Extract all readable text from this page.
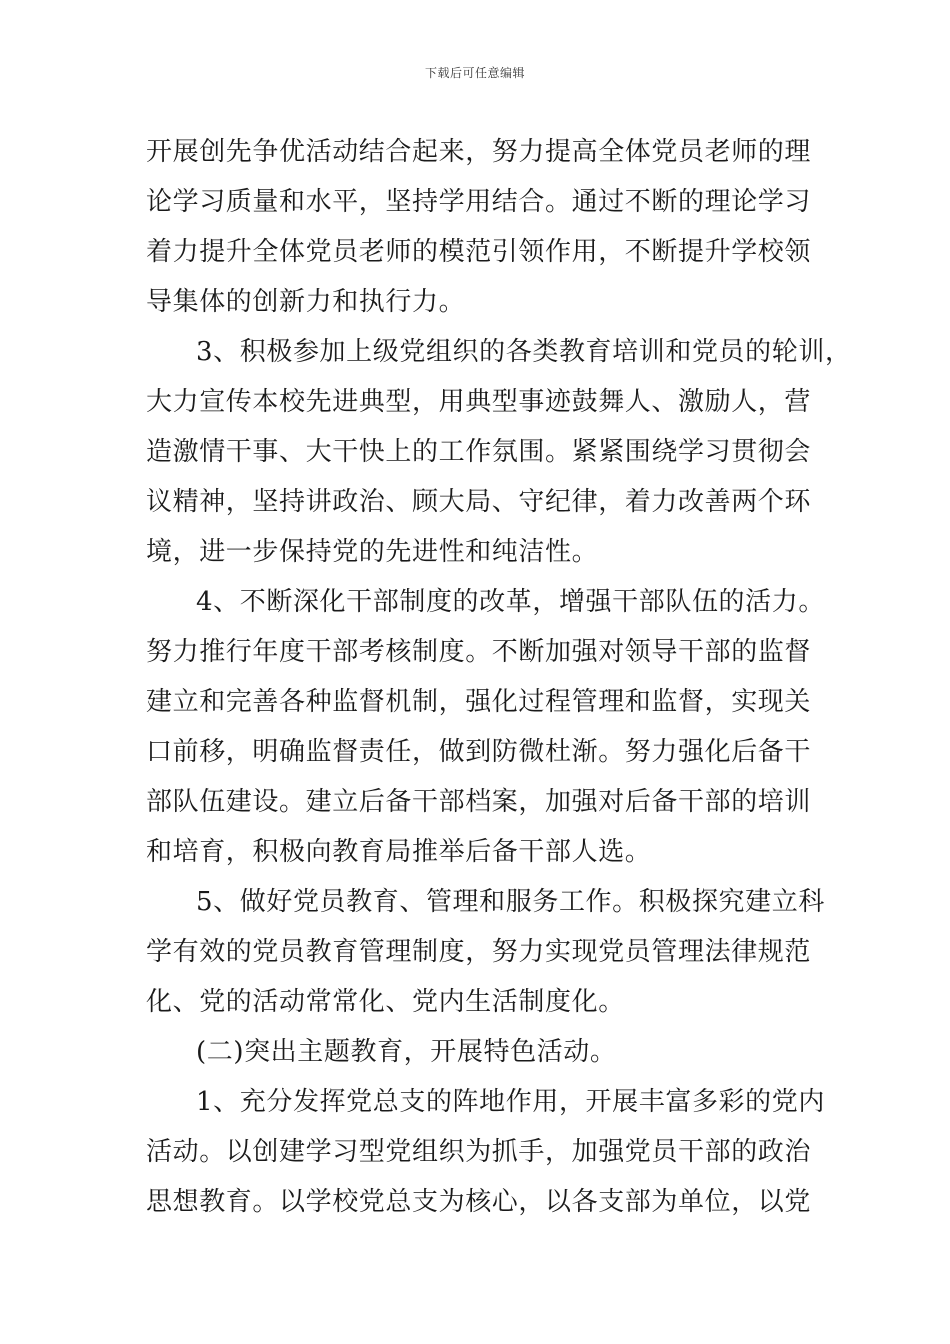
下载后可任意编辑
开展创先争优活动结合起来，努力提高全体党员老师的理
论学习质量和水平，坚持学用结合。通过不断的理论学习
着力提升全体党员老师的模范引领作用，不断提升学校领
导集体的创新力和执行力。
3、积极参加上级党组织的各类教育培训和党员的轮训，
大力宣传本校先进典型，用典型事迹鼓舞人、激励人，营
造激情干事、大干快上的工作氛围。紧紧围绕学习贯彻会
议精神，坚持讲政治、顾大局、守纪律，着力改善两个环
境，进一步保持党的先进性和纯洁性。
4、不断深化干部制度的改革，增强干部队伍的活力。
努力推行年度干部考核制度。不断加强对领导干部的监督
建立和完善各种监督机制，强化过程管理和监督，实现关
口前移，明确监督责任，做到防微杜渐。努力强化后备干
部队伍建设。建立后备干部档案，加强对后备干部的培训
和培育，积极向教育局推举后备干部人选。
5、做好党员教育、管理和服务工作。积极探究建立科
学有效的党员教育管理制度，努力实现党员管理法律规范
化、党的活动常常化、党内生活制度化。
(二)突出主题教育，开展特色活动。
1、充分发挥党总支的阵地作用，开展丰富多彩的党内
活动。以创建学习型党组织为抓手，加强党员干部的政治
思想教育。以学校党总支为核心，以各支部为单位，以党
